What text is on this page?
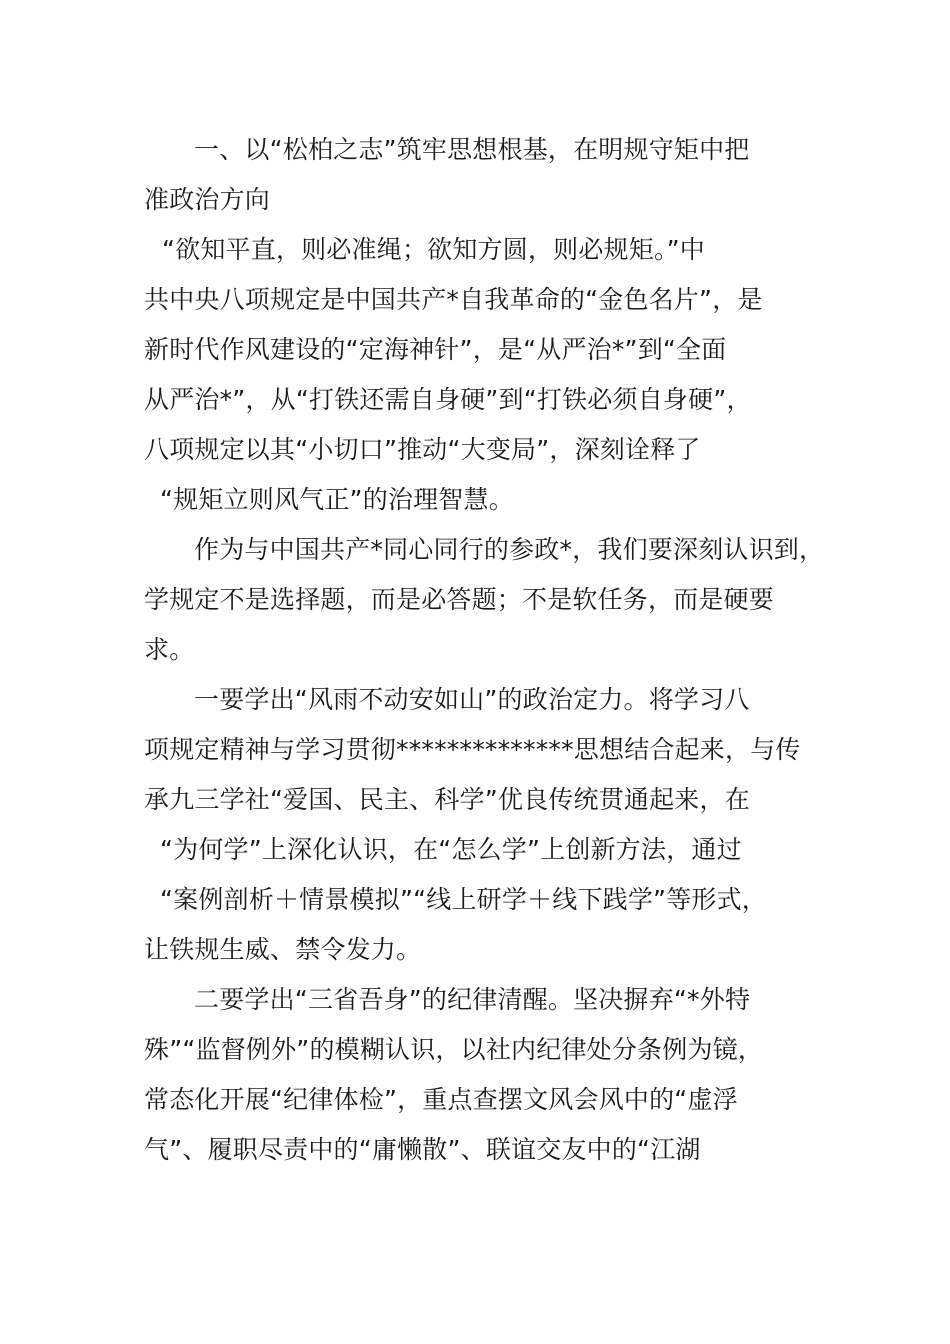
一、以“松柏之志”筑牢思想根基，在明规守矩中把
准政治方向
“欲知平直，则必准绳；欲知方圆，则必规矩。”中
共中央八项规定是中国共产*自我革命的“金色名片”，是
新时代作风建设的“定海神针”，是“从严治*”到“全面
从严治*”，从“打铁还需自身硬”到“打铁必须自身硬”，
八项规定以其“小切口”推动“大变局”，深刻诠释了
“规矩立则风气正”的治理智慧。
作为与中国共产*同心同行的参政*，我们要深刻认识到，
学规定不是选择题，而是必答题；不是软任务，而是硬要
求。
一要学出“风雨不动安如山”的政治定力。将学习八
项规定精神与学习贯彻**************思想结合起来，与传
承九三学社“爱国、民主、科学”优良传统贯通起来，在
“为何学”上深化认识，在“怎么学”上创新方法，通过
“案例剖析＋情景模拟”“线上研学＋线下践学”等形式，
让铁规生威、禁令发力。
二要学出“三省吾身”的纪律清醒。坚决摒弃“*外特
殊”“监督例外”的模糊认识，以社内纪律处分条例为镜，
常态化开展“纪律体检”，重点查摆文风会风中的“虚浮
气”、履职尽责中的“庸懒散”、联谊交友中的“江湖
